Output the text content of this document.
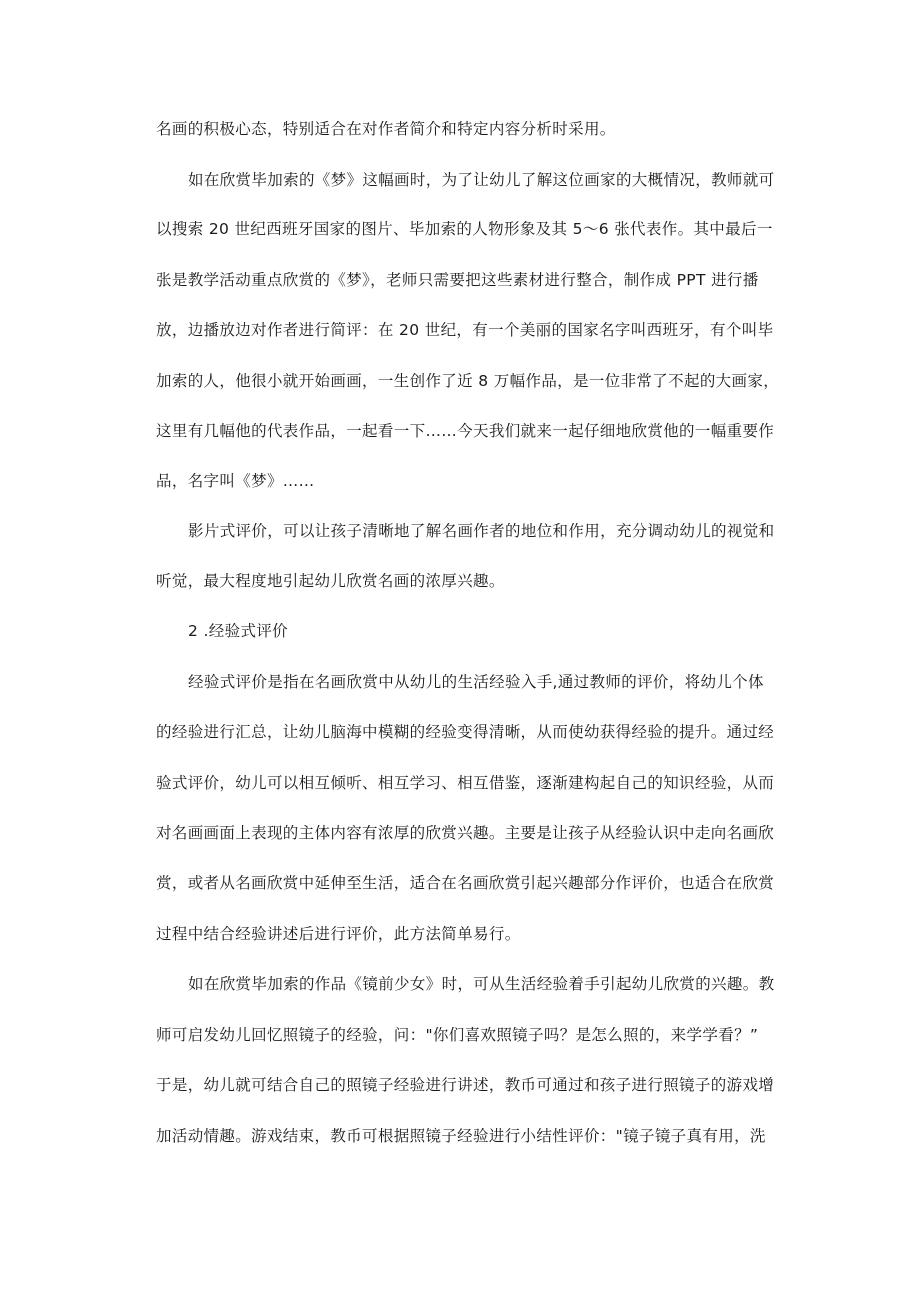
名画的积极心态，特别适合在对作者简介和特定内容分析时采用。

如在欣赏毕加索的《梦》这幅画时，为了让幼儿了解这位画家的大概情况，教师就可

以搜索 20 世纪西班牙国家的图片、毕加索的人物形象及其 5〜6 张代表作。其中最后一

张是教学活动重点欣赏的《梦》，老师只需要把这些素材进行整合，制作成 PPT 进行播

放，边播放边对作者进行简评：在 20 世纪，有一个美丽的国家名字叫西班牙，有个叫毕

加索的人，他很小就开始画画，一生创作了近 8 万幅作品，是一位非常了不起的大画家，

这里有几幅他的代表作品，一起看一下……今天我们就来一起仔细地欣赏他的一幅重要作

品，名字叫《梦》……

影片式评价，可以让孩子清晰地了解名画作者的地位和作用，充分调动幼儿的视觉和

听觉，最大程度地引起幼儿欣赏名画的浓厚兴趣。

2 .经验式评价

经验式评价是指在名画欣赏中从幼儿的生活经验入手,通过教师的评价，将幼儿个体

的经验进行汇总，让幼儿脑海中模糊的经验变得清晰，从而使幼获得经验的提升。通过经

验式评价，幼儿可以相互倾听、相互学习、相互借鉴，逐渐建构起自己的知识经验，从而

对名画画面上表现的主体内容有浓厚的欣赏兴趣。主要是让孩子从经验认识中走向名画欣

赏，或者从名画欣赏中延伸至生活，适合在名画欣赏引起兴趣部分作评价，也适合在欣赏

过程中结合经验讲述后进行评价，此方法简单易行。

如在欣赏毕加索的作品《镜前少女》时，可从生活经验着手引起幼儿欣赏的兴趣。教

师可启发幼儿回忆照镜子的经验，问："你们喜欢照镜子吗？是怎么照的，来学学看？”

于是，幼儿就可结合自己的照镜子经验进行讲述，教币可通过和孩子进行照镜子的游戏增

加活动情趣。游戏结束，教币可根据照镜子经验进行小结性评价："镜子镜子真有用，洗
